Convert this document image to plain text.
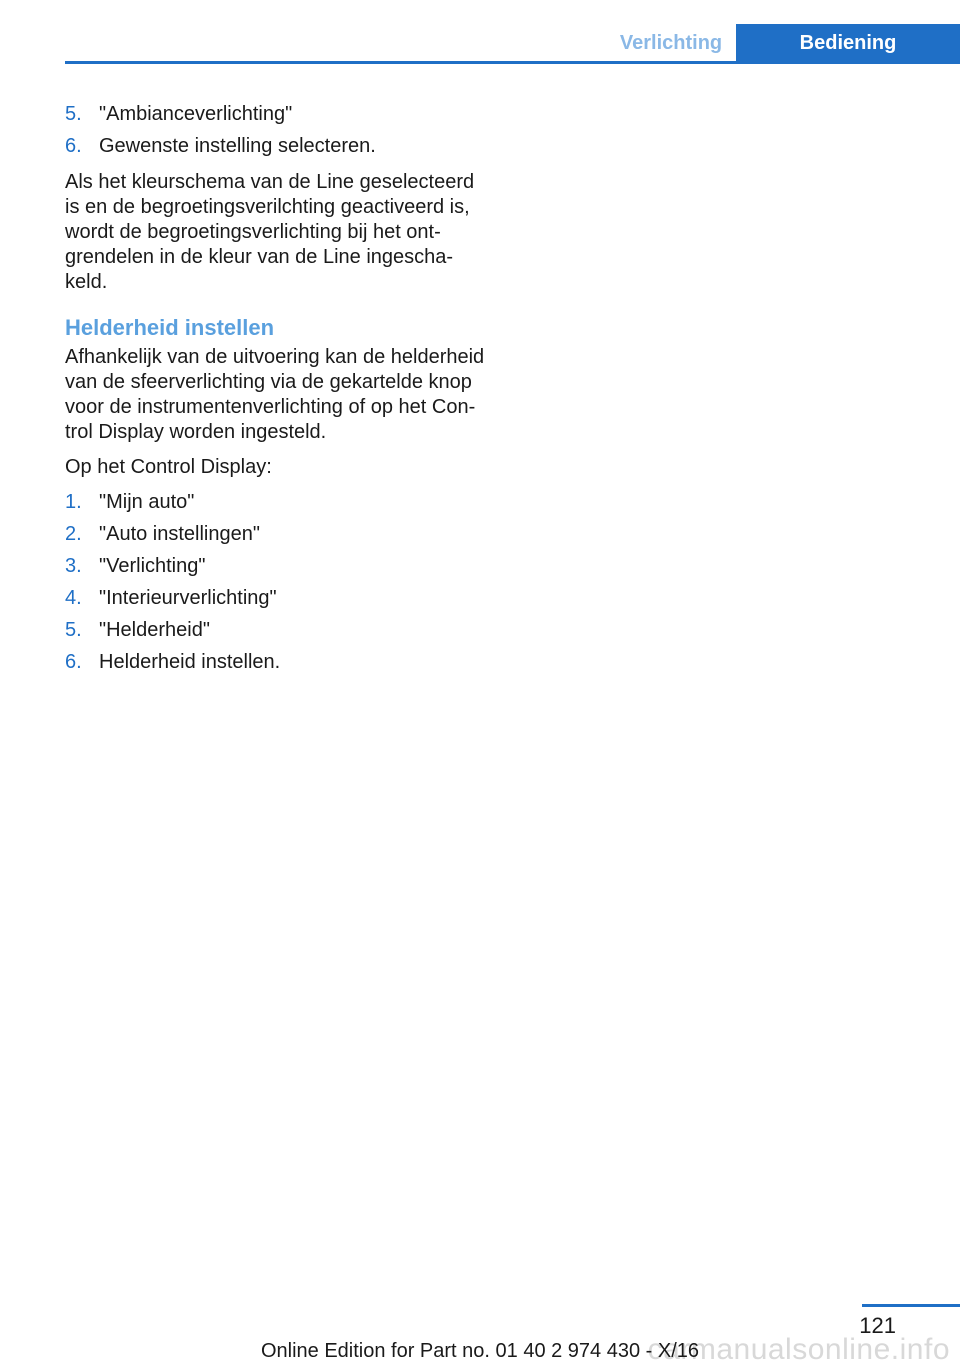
Verlichting	Bediening
5. "Ambianceverlichting"
6. Gewenste instelling selecteren.

Als het kleurschema van de Line geselecteerd is en de begroetingsverilchting geactiveerd is, wordt de begroetingsverlichting bij het ont-grendelen in de kleur van de Line ingescha-keld.

Helderheid instellen

Afhankelijk van de uitvoering kan de helderheid van de sfeerverlichting via de gekartelde knop voor de instrumentenverlichting of op het Con-trol Display worden ingesteld.

Op het Control Display:

1. "Mijn auto"
2. "Auto instellingen"
3. "Verlichting"
4. "Interieurverlichting"
5. "Helderheid"
6. Helderheid instellen.
121
carmanualsonline.info
Online Edition for Part no. 01 40 2 974 430 - X/16
